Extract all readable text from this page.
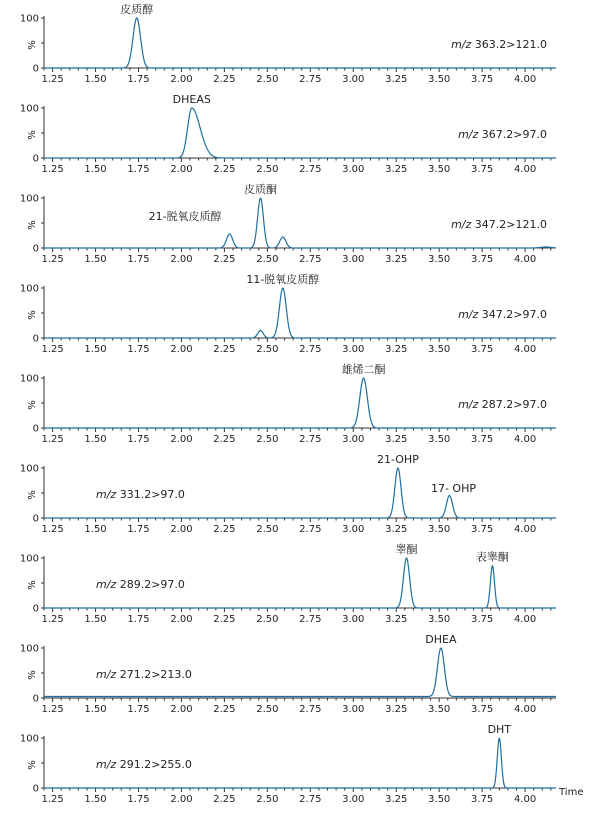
0
100
%
1.25 1.50 1.75 2.00 2.25 2.50 2.75 3.00 3.25 3.50 3.75 4.00
皮质醇
m/z 363.2>121.0
0
100
%
1.25 1.50 1.75 2.00 2.25 2.50 2.75 3.00 3.25 3.50 3.75 4.00
DHEAS
m/z 367.2>97.0
0
100
%
1.25 1.50 1.75 2.00 2.25 2.50 2.75 3.00 3.25 3.50 3.75 4.00
21-脱氧皮质醇
皮质酮
m/z 347.2>121.0
0
100
%
1.25 1.50 1.75 2.00 2.25 2.50 2.75 3.00 3.25 3.50 3.75 4.00
11-脱氧皮质醇
m/z 347.2>97.0
0
100
%
1.25 1.50 1.75 2.00 2.25 2.50 2.75 3.00 3.25 3.50 3.75 4.00
雄烯二酮
m/z 287.2>97.0
0
100
%
1.25 1.50 1.75 2.00 2.25 2.50 2.75 3.00 3.25 3.50 3.75 4.00
21-OHP
17- OHP
m/z 331.2>97.0
0
100
%
1.25 1.50 1.75 2.00 2.25 2.50 2.75 3.00 3.25 3.50 3.75 4.00
睾酮
表睾酮
m/z 289.2>97.0
0
100
%
1.25 1.50 1.75 2.00 2.25 2.50 2.75 3.00 3.25 3.50 3.75 4.00
DHEA
m/z 271.2>213.0
0
100
%
1.25 1.50 1.75 2.00 2.25 2.50 2.75 3.00 3.25 3.50 3.75 4.00
DHT
m/z 291.2>255.0
Time
